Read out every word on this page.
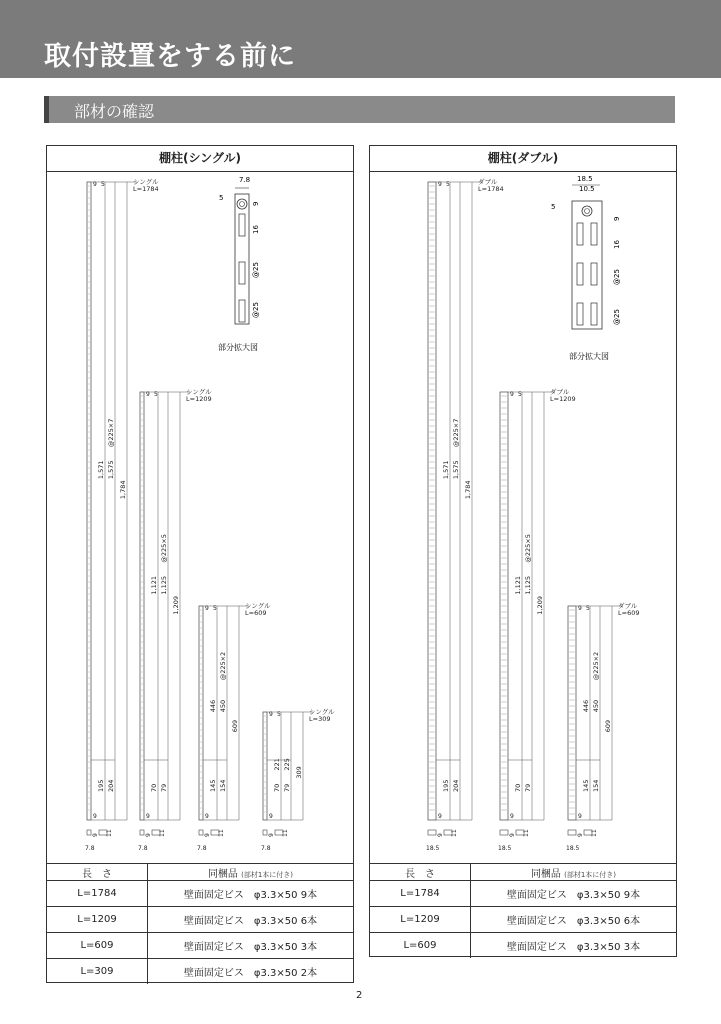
取付設置をする前に
部材の確認
棚柱(シングル)
1,571 1,575
@225×7
1,784
195 204
9 5
9
シングル
L=1784
9 11
7.8
1,121 1,125
@225×5
1,209
70 79
9 5
9
シングル
L=1209
9 11
7.8
446 450
@225×2
609
145 154
9 5
9
シングル
L=609
9 11
7.8
221 225
309
70 79
9 5
9
シングル
L=309
9 11
7.8
7.8
5
9
16
@25
@25
部分拡大図
長　さ	同梱品 (部材1本に付き)
L=1784	壁面固定ビス　φ3.3×50 9本
L=1209	壁面固定ビス　φ3.3×50 6本
L=609	壁面固定ビス　φ3.3×50 3本
L=309	壁面固定ビス　φ3.3×50 2本
棚柱(ダブル)
1,571 1,575
@225×7
1,784
195 204
9 5
9
ダブル
L=1784
9 11
18.5
1,121 1,125
@225×5
1,209
70 79
9 5
9
ダブル
L=1209
9 11
18.5
446 450
@225×2
609
145 154
9 5
9
ダブル
L=609
9 11
18.5
18.5
10.5
5
9
16
@25
@25
部分拡大図
長　さ	同梱品 (部材1本に付き)
L=1784	壁面固定ビス　φ3.3×50 9本
L=1209	壁面固定ビス　φ3.3×50 6本
L=609	壁面固定ビス　φ3.3×50 3本
2
